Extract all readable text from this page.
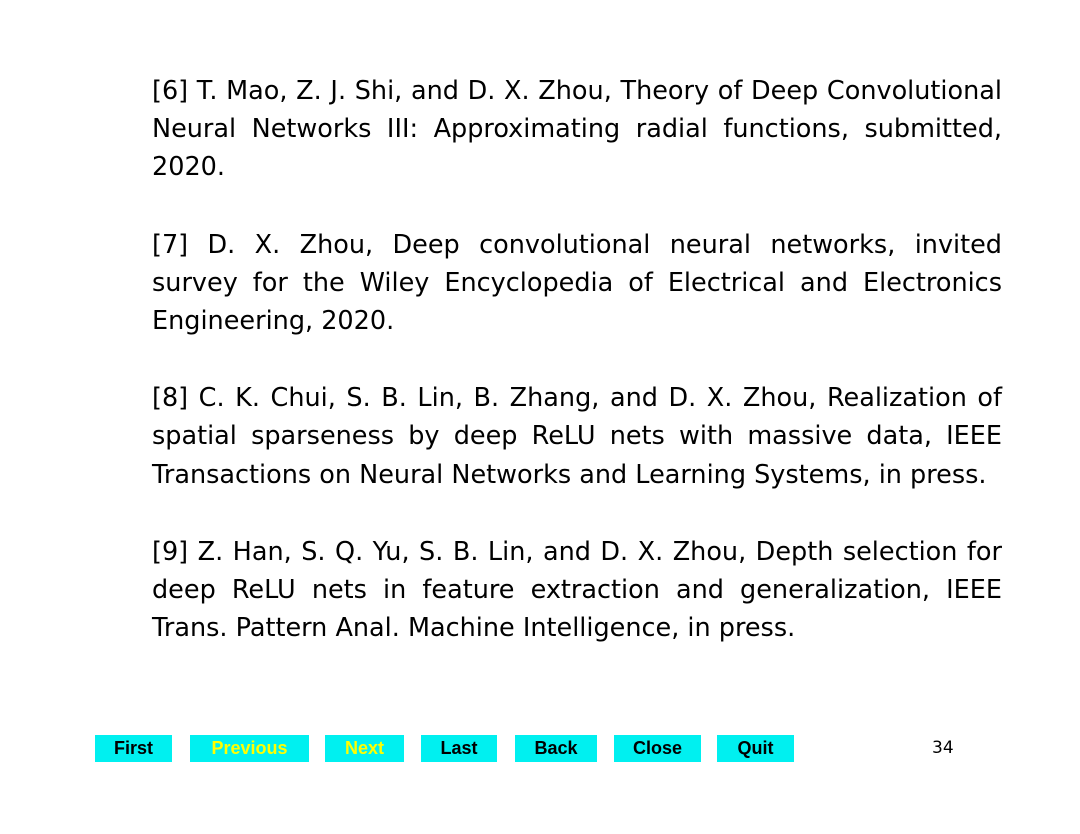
[6] T. Mao, Z. J. Shi, and D. X. Zhou, Theory of Deep Convolutional Neural Networks III: Approximating radial functions, submitted, 2020.

[7] D. X. Zhou, Deep convolutional neural networks, invited survey for the Wiley Encyclopedia of Electrical and Electronics Engineering, 2020.

[8] C. K. Chui, S. B. Lin, B. Zhang, and D. X. Zhou, Realization of spatial sparseness by deep ReLU nets with massive data, IEEE Transactions on Neural Networks and Learning Systems, in press.

[9] Z. Han, S. Q. Yu, S. B. Lin, and D. X. Zhou, Depth selection for deep ReLU nets in feature extraction and generalization, IEEE Trans. Pattern Anal. Machine Intelligence, in press.

First	Previous	Next	Last	Back	Close	Quit	34
